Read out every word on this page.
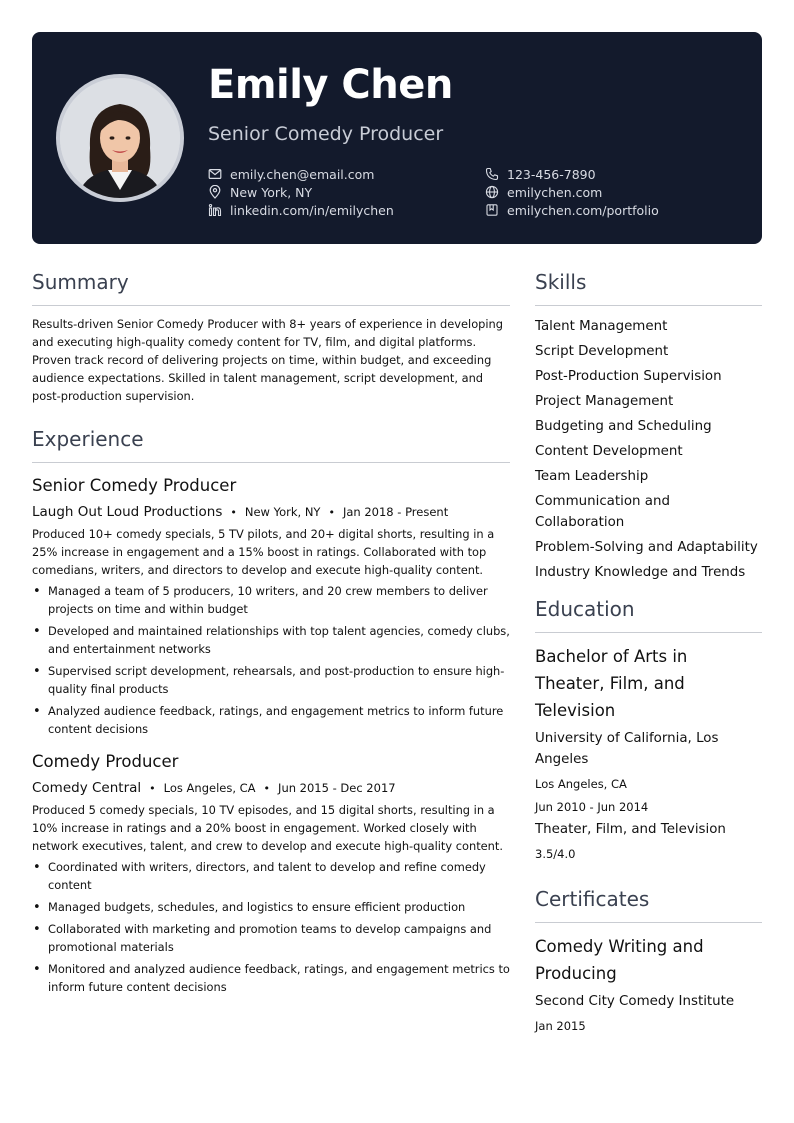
Emily Chen
Senior Comedy Producer
emily.chen@email.com
New York, NY
linkedin.com/in/emilychen
123-456-7890
emilychen.com
emilychen.com/portfolio
Summary

Results-driven Senior Comedy Producer with 8+ years of experience in developing and executing high-quality comedy content for TV, film, and digital platforms. Proven track record of delivering projects on time, within budget, and exceeding audience expectations. Skilled in talent management, script development, and post-production supervision.

Experience
Senior Comedy Producer
Laugh Out Loud Productions • New York, NY • Jan 2018 - Present

Produced 10+ comedy specials, 5 TV pilots, and 20+ digital shorts, resulting in a 25% increase in engagement and a 15% boost in ratings. Collaborated with top comedians, writers, and directors to develop and execute high-quality content.

• Managed a team of 5 producers, 10 writers, and 20 crew members to deliver projects on time and within budget
• Developed and maintained relationships with top talent agencies, comedy clubs, and entertainment networks
• Supervised script development, rehearsals, and post-production to ensure high-quality final products
• Analyzed audience feedback, ratings, and engagement metrics to inform future content decisions
Comedy Producer
Comedy Central • Los Angeles, CA • Jun 2015 - Dec 2017

Produced 5 comedy specials, 10 TV episodes, and 15 digital shorts, resulting in a 10% increase in ratings and a 20% boost in engagement. Worked closely with network executives, talent, and crew to develop and execute high-quality content.

• Coordinated with writers, directors, and talent to develop and refine comedy content
• Managed budgets, schedules, and logistics to ensure efficient production
• Collaborated with marketing and promotion teams to develop campaigns and promotional materials
• Monitored and analyzed audience feedback, ratings, and engagement metrics to inform future content decisions
Skills
Talent Management
Script Development
Post-Production Supervision
Project Management
Budgeting and Scheduling
Content Development
Team Leadership
Communication and Collaboration
Problem-Solving and Adaptability
Industry Knowledge and Trends
Education
Bachelor of Arts in Theater, Film, and Television
University of California, Los Angeles
Los Angeles, CA
Jun 2010 - Jun 2014
Theater, Film, and Television
3.5/4.0
Certificates
Comedy Writing and Producing
Second City Comedy Institute
Jan 2015
